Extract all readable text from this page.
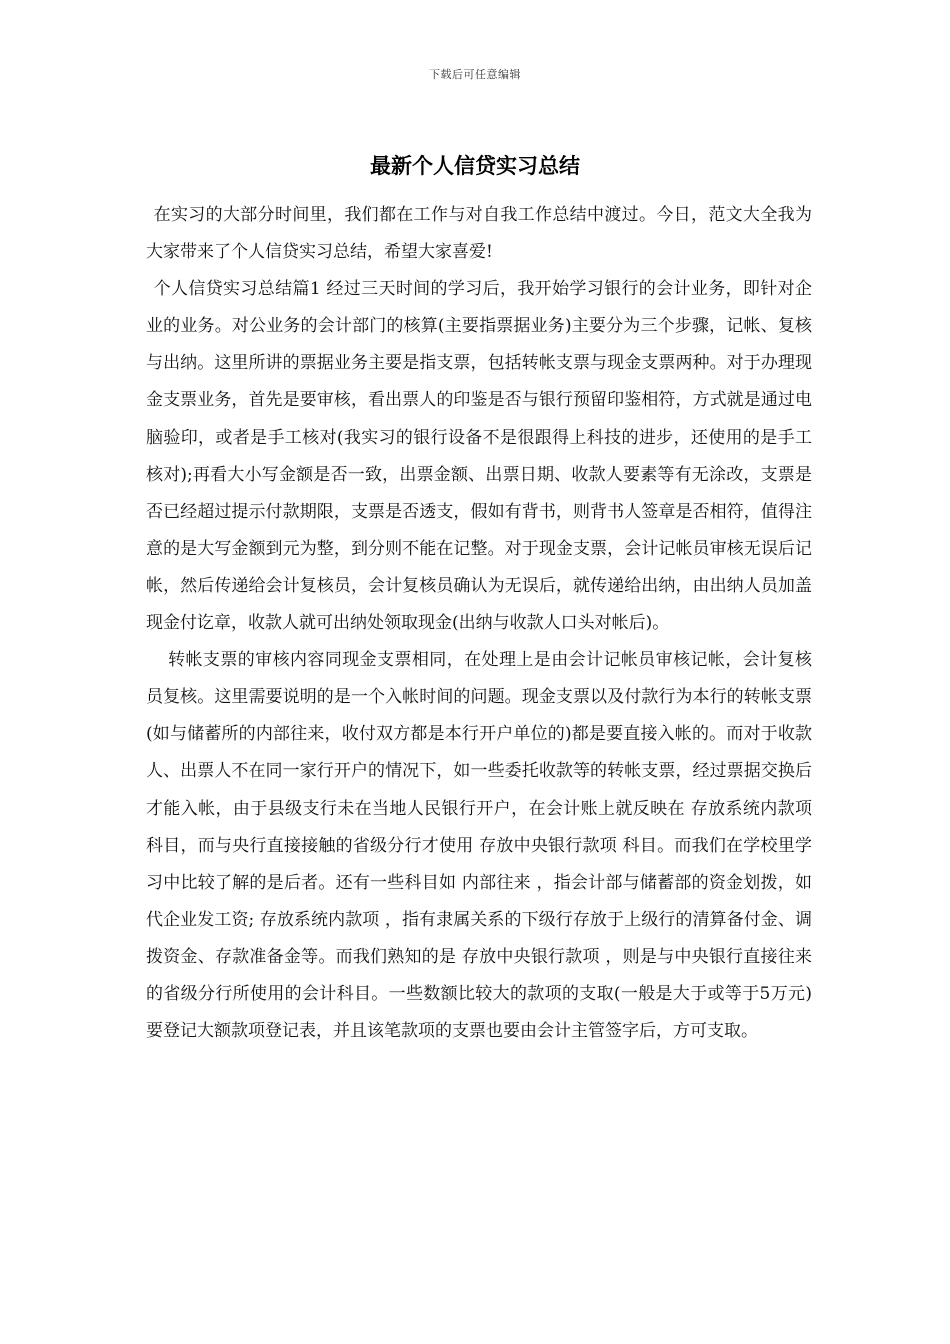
下载后可任意编辑
最新个人信贷实习总结

在实习的大部分时间里，我们都在工作与对自我工作总结中渡过。今日，范文大全我为大家带来了个人信贷实习总结，希望大家喜爱!

个人信贷实习总结篇1 经过三天时间的学习后，我开始学习银行的会计业务，即针对企业的业务。对公业务的会计部门的核算(主要指票据业务)主要分为三个步骤，记帐、复核与出纳。这里所讲的票据业务主要是指支票，包括转帐支票与现金支票两种。对于办理现金支票业务，首先是要审核，看出票人的印鉴是否与银行预留印鉴相符，方式就是通过电脑验印，或者是手工核对(我实习的银行设备不是很跟得上科技的进步，还使用的是手工核对);再看大小写金额是否一致，出票金额、出票日期、收款人要素等有无涂改，支票是否已经超过提示付款期限，支票是否透支，假如有背书，则背书人签章是否相符，值得注意的是大写金额到元为整，到分则不能在记整。对于现金支票，会计记帐员审核无误后记帐，然后传递给会计复核员，会计复核员确认为无误后，就传递给出纳，由出纳人员加盖现金付讫章，收款人就可出纳处领取现金(出纳与收款人口头对帐后)。

转帐支票的审核内容同现金支票相同，在处理上是由会计记帐员审核记帐，会计复核员复核。这里需要说明的是一个入帐时间的问题。现金支票以及付款行为本行的转帐支票(如与储蓄所的内部往来，收付双方都是本行开户单位的)都是要直接入帐的。而对于收款人、出票人不在同一家行开户的情况下，如一些委托收款等的转帐支票，经过票据交换后才能入帐，由于县级支行未在当地人民银行开户，在会计账上就反映在 存放系统内款项 科目，而与央行直接接触的省级分行才使用 存放中央银行款项 科目。而我们在学校里学习中比较了解的是后者。还有一些科目如 内部往来 ，指会计部与储蓄部的资金划拨，如代企业发工资; 存放系统内款项 ，指有隶属关系的下级行存放于上级行的清算备付金、调拨资金、存款准备金等。而我们熟知的是 存放中央银行款项 ，则是与中央银行直接往来的省级分行所使用的会计科目。一些数额比较大的款项的支取(一般是大于或等于5万元)要登记大额款项登记表，并且该笔款项的支票也要由会计主管签字后，方可支取。
